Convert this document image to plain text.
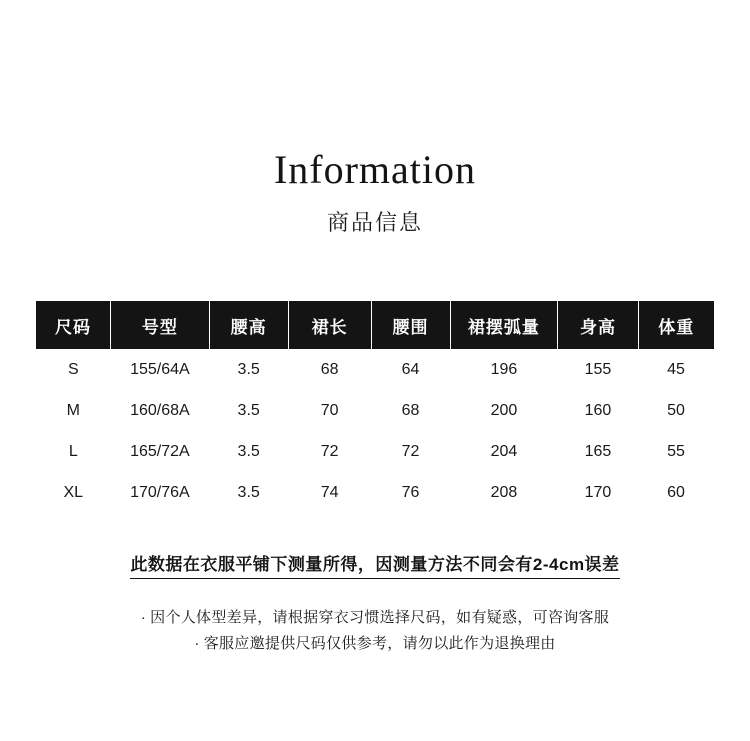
Information
商品信息
尺码	号型	腰高	裙长	腰围	裙摆弧量	身高	体重
S	155/64A	3.5	68	64	196	155	45
M	160/68A	3.5	70	68	200	160	50
L	165/72A	3.5	72	72	204	165	55
XL	170/76A	3.5	74	76	208	170	60
此数据在衣服平铺下测量所得，因测量方法不同会有2-4cm误差
· 因个人体型差异，请根据穿衣习惯选择尺码，如有疑惑，可咨询客服
· 客服应邀提供尺码仅供参考，请勿以此作为退换理由
